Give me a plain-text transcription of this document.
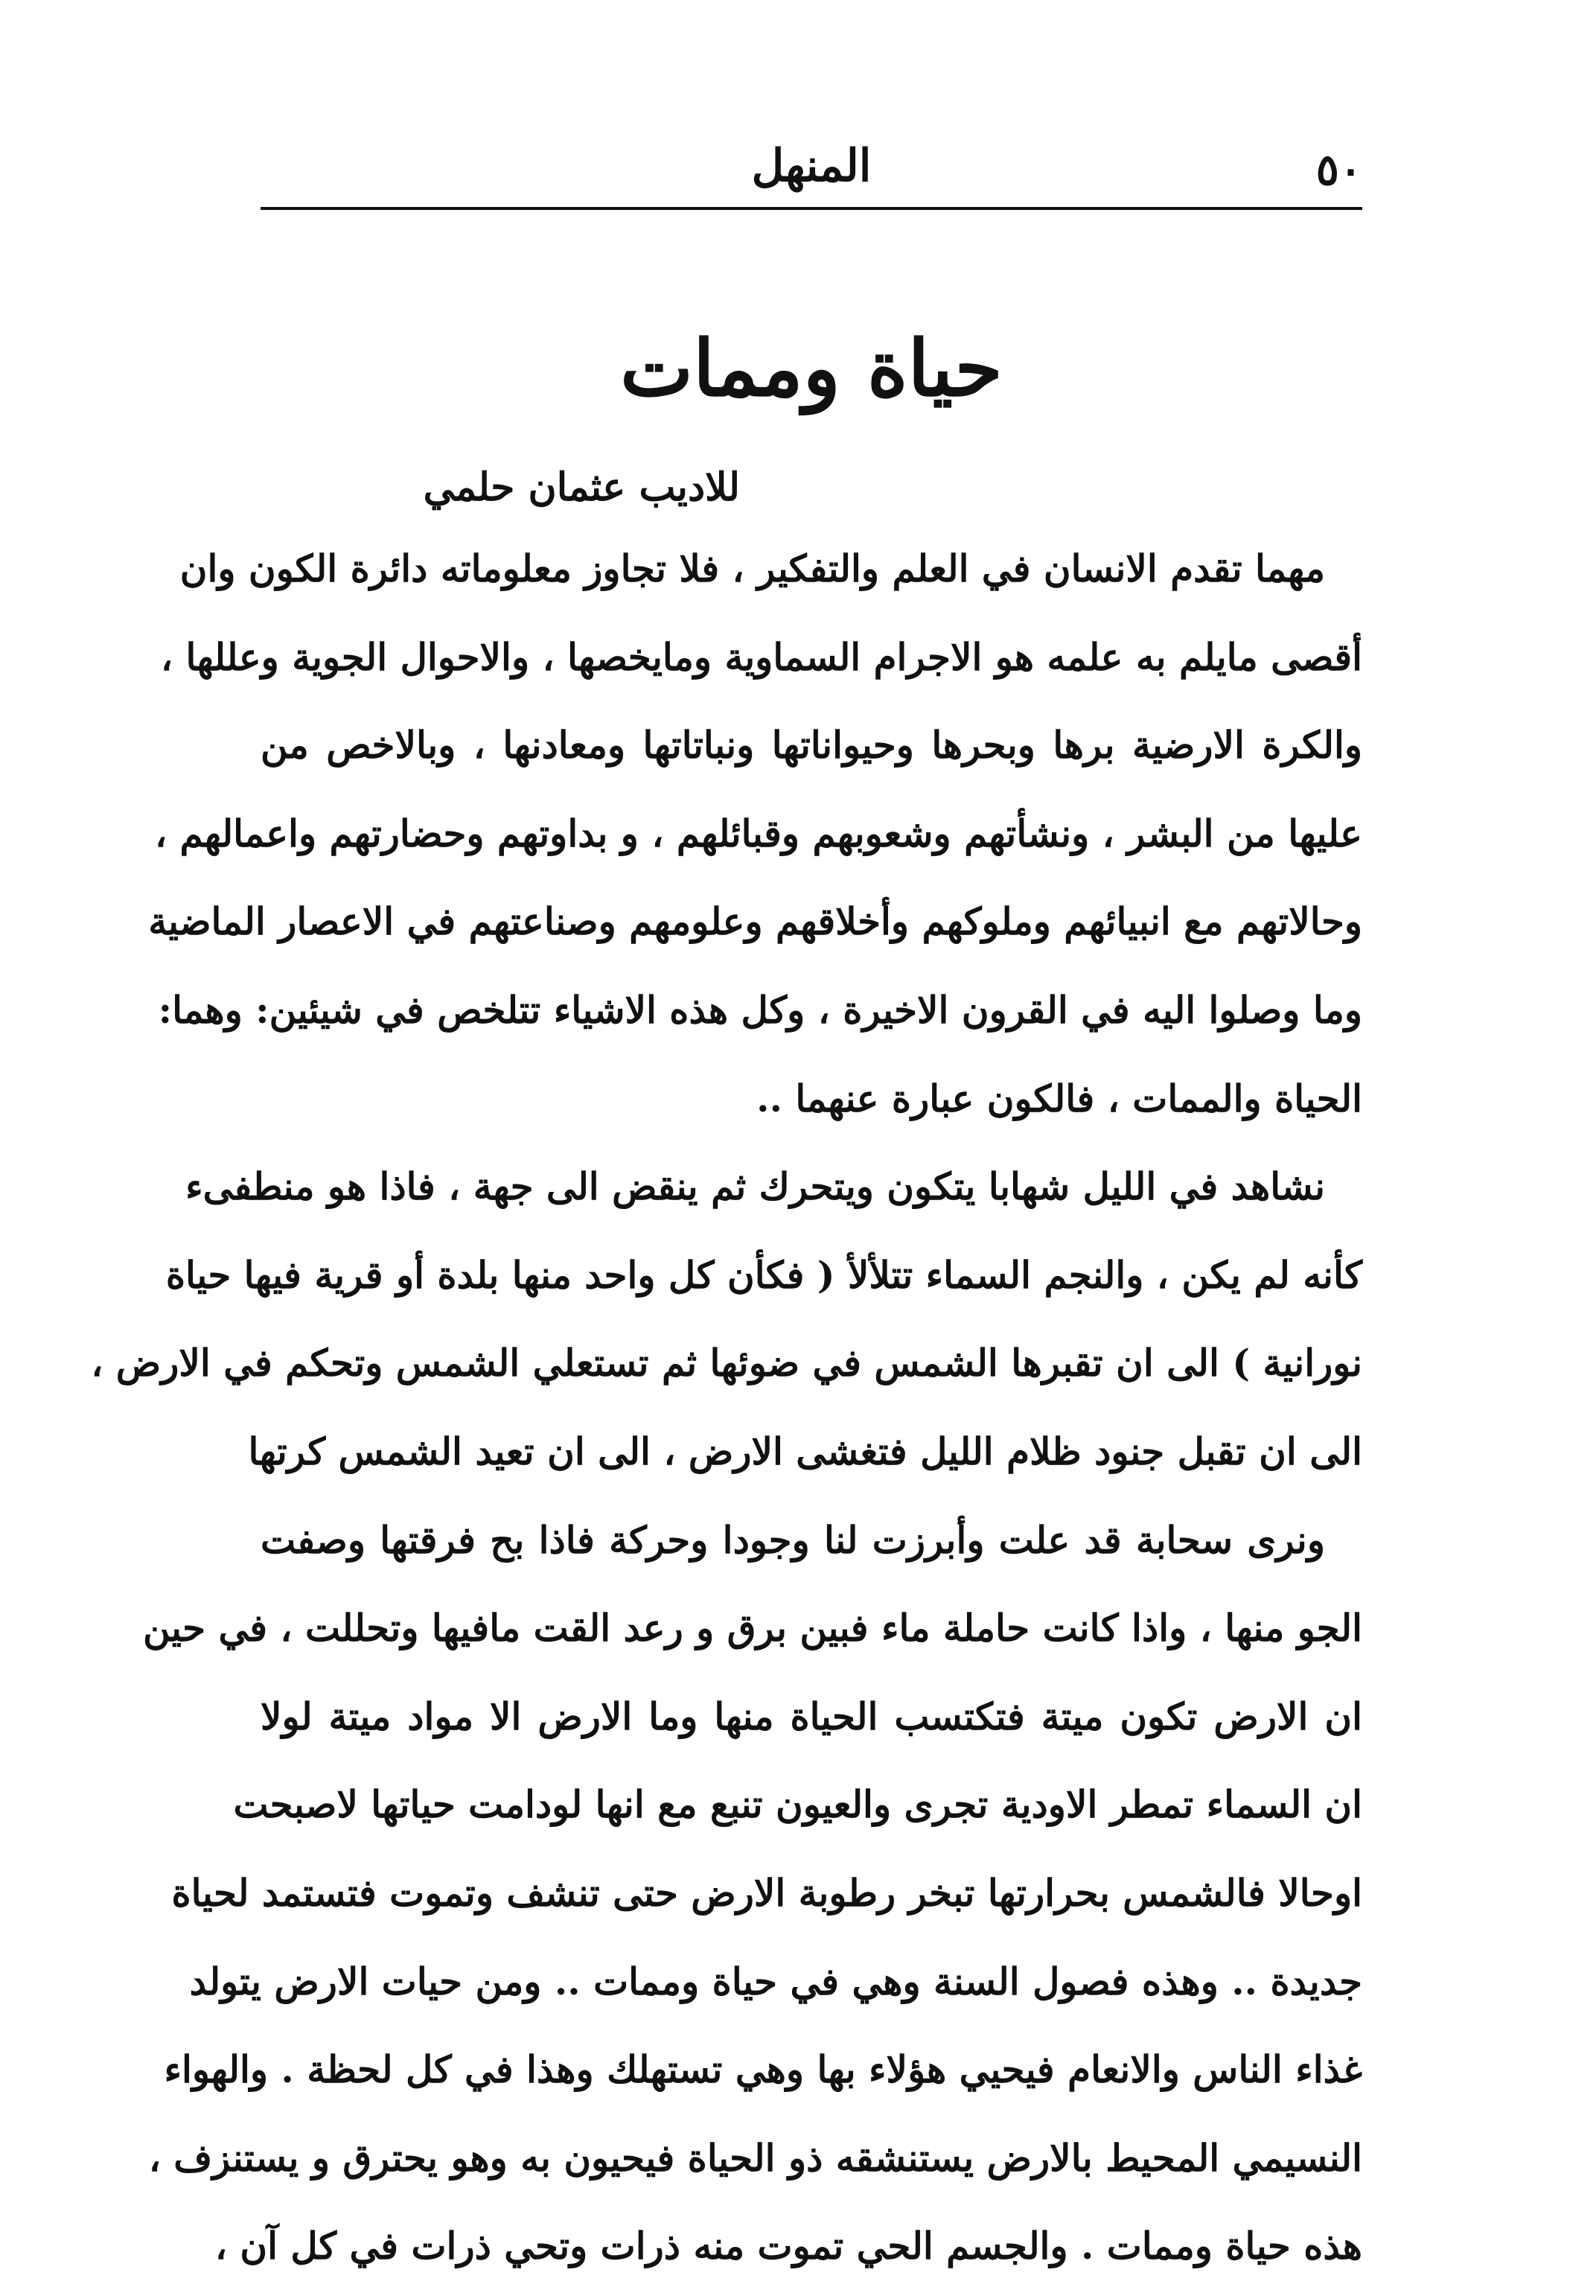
٥٠
المنهل
حياة وممات
للاديب عثمان حلمي
مهما تقدم الانسان في العلم والتفكير ، فلا تجاوز معلوماته دائرة الكون وان
أقصى مايلم به علمه هو الاجرام السماوية ومايخصها ، والاحوال الجوية وعللها ،
والكرة الارضية برها وبحرها وحيواناتها ونباتاتها ومعادنها ، وبالاخص من
عليها من البشر ، ونشأتهم وشعوبهم وقبائلهم ، و بداوتهم وحضارتهم واعمالهم ،
وحالاتهم مع انبيائهم وملوكهم وأخلاقهم وعلومهم وصناعتهم في الاعصار الماضية
وما وصلوا اليه في القرون الاخيرة ، وكل هذه الاشياء تتلخص في شيئين: وهما:
الحياة والممات ، فالكون عبارة عنهما ..
نشاهد في الليل شهابا يتكون ويتحرك ثم ينقض الى جهة ، فاذا هو منطفىء
كأنه لم يكن ، والنجم السماء تتلألأ ( فكأن كل واحد منها بلدة أو قرية فيها حياة
نورانية ) الى ان تقبرها الشمس في ضوئها ثم تستعلي الشمس وتحكم في الارض ،
الى ان تقبل جنود ظلام الليل فتغشى الارض ، الى ان تعيد الشمس كرتها
ونرى سحابة قد علت وأبرزت لنا وجودا وحركة فاذا بح فرقتها وصفت
الجو منها ، واذا كانت حاملة ماء فبين برق و رعد القت مافيها وتحللت ، في حين
ان الارض تكون ميتة فتكتسب الحياة منها وما الارض الا مواد ميتة لولا
ان السماء تمطر الاودية تجرى والعيون تنبع مع انها لودامت حياتها لاصبحت
اوحالا فالشمس بحرارتها تبخر رطوبة الارض حتى تنشف وتموت فتستمد لحياة
جديدة .. وهذه فصول السنة وهي في حياة وممات .. ومن حيات الارض يتولد
غذاء الناس والانعام فيحيي هؤلاء بها وهي تستهلك وهذا في كل لحظة . والهواء
النسيمي المحيط بالارض يستنشقه ذو الحياة فيحيون به وهو يحترق و يستنزف ،
هذه حياة وممات . والجسم الحي تموت منه ذرات وتحي ذرات في كل آن ،
